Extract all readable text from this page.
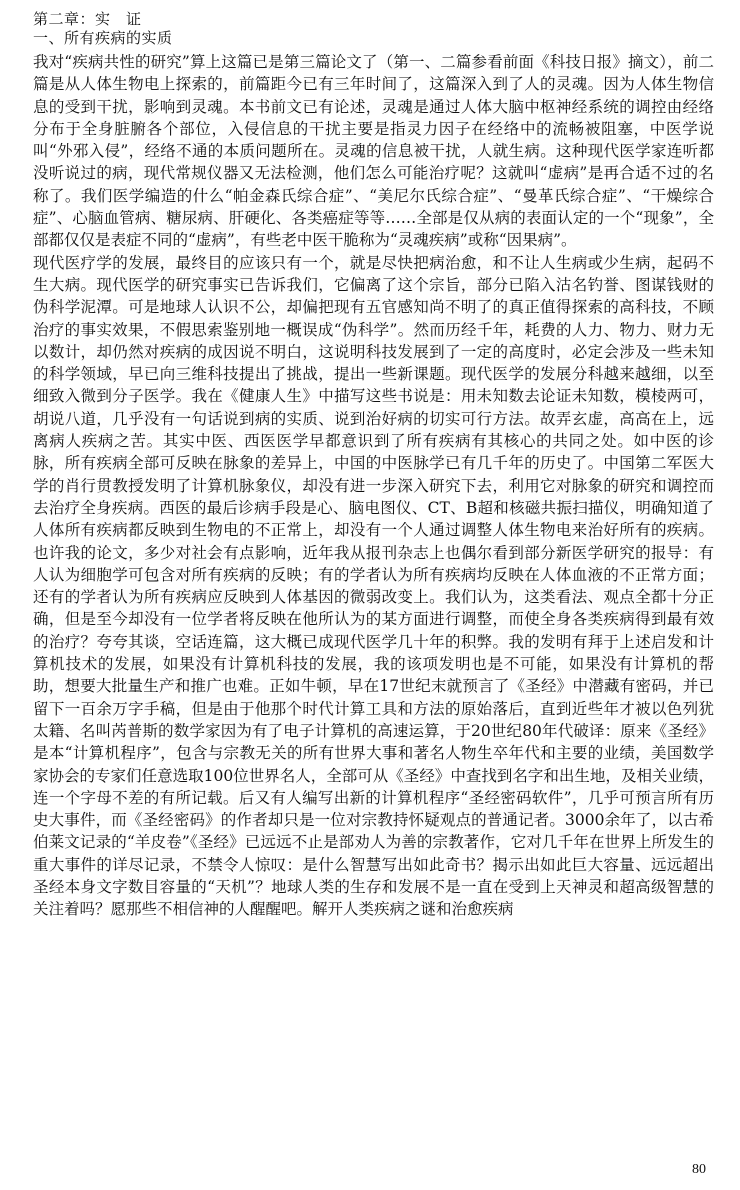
第二章：实　证
一、所有疾病的实质

我对“疾病共性的研究”算上这篇已是第三篇论文了（第一、二篇参看前面《科技日报》摘文），前二篇是从人体生物电上探索的，前篇距今已有三年时间了，这篇深入到了人的灵魂。因为人体生物信息的受到干扰，影响到灵魂。本书前文已有论述，灵魂是通过人体大脑中枢神经系统的调控由经络分布于全身脏腑各个部位，入侵信息的干扰主要是指灵力因子在经络中的流畅被阻塞，中医学说叫“外邪入侵”，经络不通的本质问题所在。灵魂的信息被干扰，人就生病。这种现代医学家连听都没听说过的病，现代常规仪器又无法检测，他们怎么可能治疗呢？这就叫“虚病”是再合适不过的名称了。我们医学编造的什么“帕金森氏综合症”、“美尼尔氏综合症”、“曼革氏综合症”、“干燥综合症”、心脑血管病、糖尿病、肝硬化、各类癌症等等……全部是仅从病的表面认定的一个“现象”，全部都仅仅是表症不同的“虚病”，有些老中医干脆称为“灵魂疾病”或称“因果病”。

现代医疗学的发展，最终目的应该只有一个，就是尽快把病治愈，和不让人生病或少生病，起码不生大病。现代医学的研究事实已告诉我们，它偏离了这个宗旨，部分已陷入沽名钓誉、图谋钱财的伪科学泥潭。可是地球人认识不公，却偏把现有五官感知尚不明了的真正值得探索的高科技，不顾治疗的事实效果，不假思索鉴别地一概误成“伪科学”。然而历经千年，耗费的人力、物力、财力无以数计，却仍然对疾病的成因说不明白，这说明科技发展到了一定的高度时，必定会涉及一些未知的科学领域，早已向三维科技提出了挑战，提出一些新课题。现代医学的发展分科越来越细，以至细致入微到分子医学。我在《健康人生》中描写这些书说是：用未知数去论证未知数，模棱两可，胡说八道，几乎没有一句话说到病的实质、说到治好病的切实可行方法。故弄玄虚，高高在上，远离病人疾病之苦。其实中医、西医医学早都意识到了所有疾病有其核心的共同之处。如中医的诊脉，所有疾病全部可反映在脉象的差异上，中国的中医脉学已有几千年的历史了。中国第二军医大学的肖行贯教授发明了计算机脉象仪，却没有进一步深入研究下去，利用它对脉象的研究和调控而去治疗全身疾病。西医的最后诊病手段是心、脑电图仪、CT、B超和核磁共振扫描仪，明确知道了人体所有疾病都反映到生物电的不正常上，却没有一个人通过调整人体生物电来治好所有的疾病。也许我的论文，多少对社会有点影响，近年我从报刊杂志上也偶尔看到部分新医学研究的报导：有人认为细胞学可包含对所有疾病的反映；有的学者认为所有疾病均反映在人体血液的不正常方面；还有的学者认为所有疾病应反映到人体基因的微弱改变上。我们认为，这类看法、观点全都十分正确，但是至今却没有一位学者将反映在他所认为的某方面进行调整，而使全身各类疾病得到最有效的治疗？夸夸其谈，空话连篇，这大概已成现代医学几十年的积弊。我的发明有拜于上述启发和计算机技术的发展，如果没有计算机科技的发展，我的该项发明也是不可能，如果没有计算机的帮助，想要大批量生产和推广也难。正如牛顿，早在17世纪末就预言了《圣经》中潜藏有密码，并已留下一百余万字手稿，但是由于他那个时代计算工具和方法的原始落后，直到近些年才被以色列犹太籍、名叫芮普斯的数学家因为有了电子计算机的高速运算，于20世纪80年代破译：原来《圣经》是本“计算机程序”，包含与宗教无关的所有世界大事和著名人物生卒年代和主要的业绩，美国数学家协会的专家们任意选取100位世界名人，全部可从《圣经》中查找到名字和出生地，及相关业绩，连一个字母不差的有所记载。后又有人编写出新的计算机程序“圣经密码软件”，几乎可预言所有历史大事件，而《圣经密码》的作者却只是一位对宗教持怀疑观点的普通记者。3000余年了，以古希伯莱文记录的“羊皮卷”《圣经》已远远不止是部劝人为善的宗教著作，它对几千年在世界上所发生的重大事件的详尽记录，不禁令人惊叹：是什么智慧写出如此奇书？揭示出如此巨大容量、远远超出圣经本身文字数目容量的“天机”？地球人类的生存和发展不是一直在受到上天神灵和超高级智慧的关注着吗？愿那些不相信神的人醒醒吧。解开人类疾病之谜和治愈疾病

80
